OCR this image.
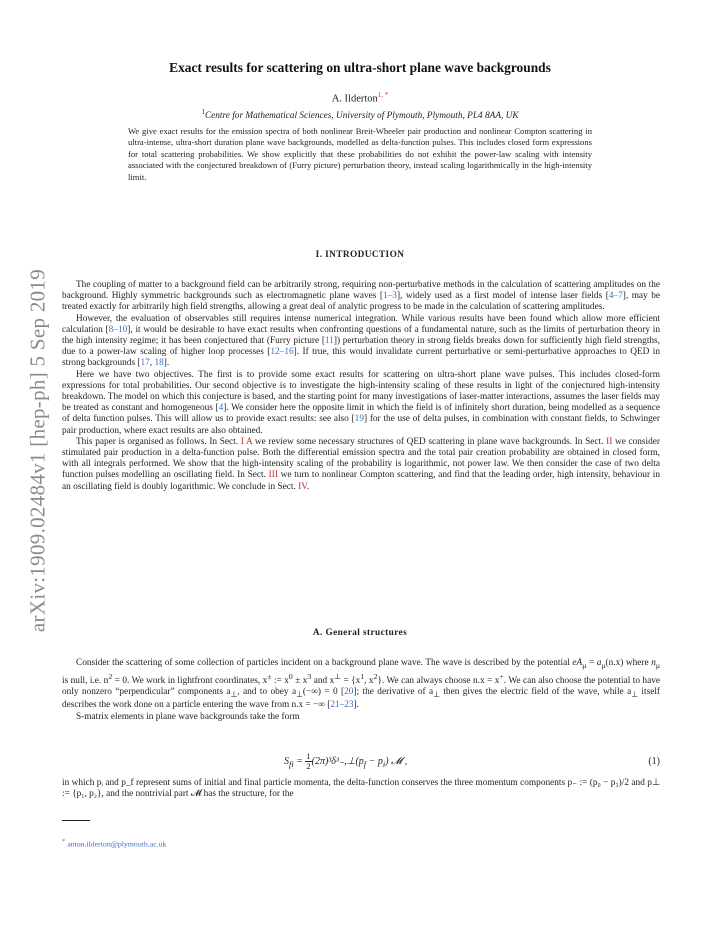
arXiv:1909.02484v1 [hep-ph] 5 Sep 2019
Exact results for scattering on ultra-short plane wave backgrounds
A. Ilderton$^{1, *}$
$^1$Centre for Mathematical Sciences, University of Plymouth, Plymouth, PL4 8AA, UK
We give exact results for the emission spectra of both nonlinear Breit-Wheeler pair production and nonlinear Compton scattering in ultra-intense, ultra-short duration plane wave backgrounds, modelled as delta-function pulses. This includes closed form expressions for total scattering probabilities. We show explicitly that these probabilities do not exhibit the power-law scaling with intensity associated with the conjectured breakdown of (Furry picture) perturbation theory, instead scaling logarithmically in the high-intensity limit.
I. INTRODUCTION

The coupling of matter to a background field can be arbitrarily strong, requiring non-perturbative methods in the calculation of scattering amplitudes on the background. Highly symmetric backgrounds such as electromagnetic plane waves [1–3], widely used as a first model of intense laser fields [4–7], may be treated exactly for arbitrarily high field strengths, allowing a great deal of analytic progress to be made in the calculation of scattering amplitudes.

However, the evaluation of observables still requires intense numerical integration. While various results have been found which allow more efficient calculation [8–10], it would be desirable to have exact results when confronting questions of a fundamental nature, such as the limits of perturbation theory in the high intensity regime; it has been conjectured that (Furry picture [11]) perturbation theory in strong fields breaks down for sufficiently high field strengths, due to a power-law scaling of higher loop processes [12–16]. If true, this would invalidate current perturbative or semi-perturbative approaches to QED in strong backgrounds [17, 18].

Here we have two objectives. The first is to provide some exact results for scattering on ultra-short plane wave pulses. This includes closed-form expressions for total probabilities. Our second objective is to investigate the high-intensity scaling of these results in light of the conjectured high-intensity breakdown. The model on which this conjecture is based, and the starting point for many investigations of laser-matter interactions, assumes the laser fields may be treated as constant and homogeneous [4]. We consider here the opposite limit in which the field is of infinitely short duration, being modelled as a sequence of delta function pulses. This will allow us to provide exact results: see also [19] for the use of delta pulses, in combination with constant fields, to Schwinger pair production, where exact results are also obtained.

This paper is organised as follows. In Sect. I A we review some necessary structures of QED scattering in plane wave backgrounds. In Sect. II we consider stimulated pair production in a delta-function pulse. Both the differential emission spectra and the total pair creation probability are obtained in closed form, with all integrals performed. We show that the high-intensity scaling of the probability is logarithmic, not power law. We then consider the case of two delta function pulses modelling an oscillating field. In Sect. III we turn to nonlinear Compton scattering, and find that the leading order, high intensity, behaviour in an oscillating field is doubly logarithmic. We conclude in Sect. IV.

A. General structures

Consider the scattering of some collection of particles incident on a background plane wave. The wave is described by the potential $eA_\mu = a_\mu(n.x)$ where $n_\mu$ is null, i.e. $n^2 = 0$. We work in lightfront coordinates, x± := $x^0 \pm x^3$ and $x^\perp = \{x^1$, $x^2$}. We can always choose n.x = x+. We can also choose the potential to have only nonzero “perpendicular” components $a_\perp$, and to obey $a_\perp(-\infty) = 0$ [20]; the derivative of $a_\perp$ then gives the electric field of the wave, while $a_\perp$ itself describes the work done on a particle entering the wave from n.x = −∞ [21–23].

S-matrix elements in plane wave backgrounds take the form

$S_{fi} = \frac{1}{2}$ $(2\pi)^3\delta^3_-,\perp(p_f - p_i)$ 𝓜 ,	(1)

in which pᵢ and p_f represent sums of initial and final particle momenta, the delta-function conserves the three momentum components p₋ := (p₀ − p₃)/2 and p⊥ := {p₁, p₂}, and the nontrivial part 𝓜 has the structure, for the

* anton.ilderton@plymouth.ac.uk
